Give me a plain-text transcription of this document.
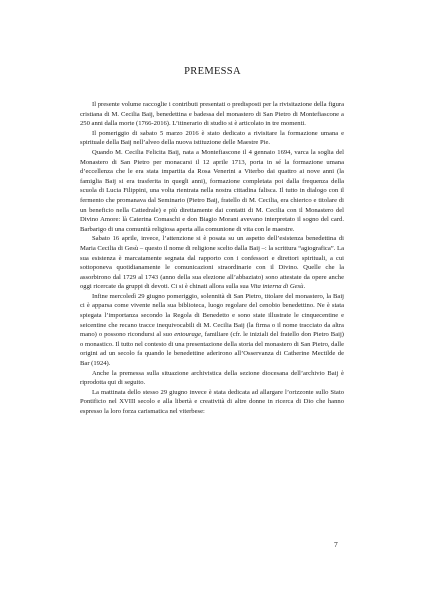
PREMESSA

Il presente volume raccoglie i contributi presentati o predisposti per la rivisitazione della figura cristiana di M. Cecilia Baij, benedettina e badessa del monastero di San Pietro di Montefiascone a 250 anni dalla morte (1766-2016). L’itinerario di studio si è articolato in tre momenti.

Il pomeriggio di sabato 5 marzo 2016 è stato dedicato a rivisitare la formazione umana e spirituale della Baij nell’alveo della nuova istituzione delle Maestre Pie.

Quando M. Cecilia Felicita Baij, nata a Montefiascone il 4 gennaio 1694, varca la soglia del Monastero di San Pietro per monacarsi il 12 aprile 1713, porta in sé la formazione umana d’eccellenza che le era stata impartita da Rosa Venerini a Viterbo dai quattro ai nove anni (la famiglia Baij si era trasferita in quegli anni), formazione completata poi dalla frequenza della scuola di Lucia Filippini, una volta rientrata nella nostra cittadina falisca. Il tutto in dialogo con il fermento che promanava dal Seminario (Pietro Baij, fratello di M. Cecilia, era chierico e titolare di un beneficio nella Cattedrale) e più direttamente dai contatti di M. Cecilia con il Monastero del Divino Amore: là Caterina Comaschi e don Biagio Morani avevano interpretato il sogno del card. Barbarigo di una comunità religiosa aperta alla comunione di vita con le maestre.

Sabato 16 aprile, invece, l’attenzione si è posata su un aspetto dell’esistenza benedettina di Maria Cecilia di Gesù – questo il nome di religione scelto dalla Baij –: la scrittura “agiografica”. La sua esistenza è marcatamente segnata dal rapporto con i confessori e direttori spirituali, a cui sottoponeva quotidianamente le comunicazioni straordinarie con il Divino. Quelle che la assorbirono dal 1729 al 1743 (anno della sua elezione all’abbaziato) sono attestate da opere anche oggi ricercate da gruppi di devoti. Ci si è chinati allora sulla sua Vita interna di Gesù.

Infine mercoledì 29 giugno pomeriggio, solennità di San Pietro, titolare del monastero, la Baij ci è apparsa come vivente nella sua biblioteca, luogo regolare del cenobio benedettino. Ne è stata spiegata l’importanza secondo la Regola di Benedetto e sono state illustrate le cinquecentine e seicentine che recano tracce inequivocabili di M. Cecilia Baij (la firma o il nome tracciato da altra mano) o possono ricondursi al suo entourage, familiare (cfr. le iniziali del fratello don Pietro Baij) o monastico. Il tutto nel contesto di una presentazione della storia del monastero di San Pietro, dalle origini ad un secolo fa quando le benedettine aderirono all’Osservanza di Catherine Mectilde de Bar (1924).

Anche la premessa sulla situazione archivistica della sezione diocesana dell’archivio Baij è riprodotta qui di seguito.

La mattinata dello stesso 29 giugno invece è stata dedicata ad allargare l’orizzonte sullo Stato Pontificio nel XVIII secolo e alla libertà e creatività di altre donne in ricerca di Dio che hanno espresso la loro forza carismatica nel viterbese:

7
